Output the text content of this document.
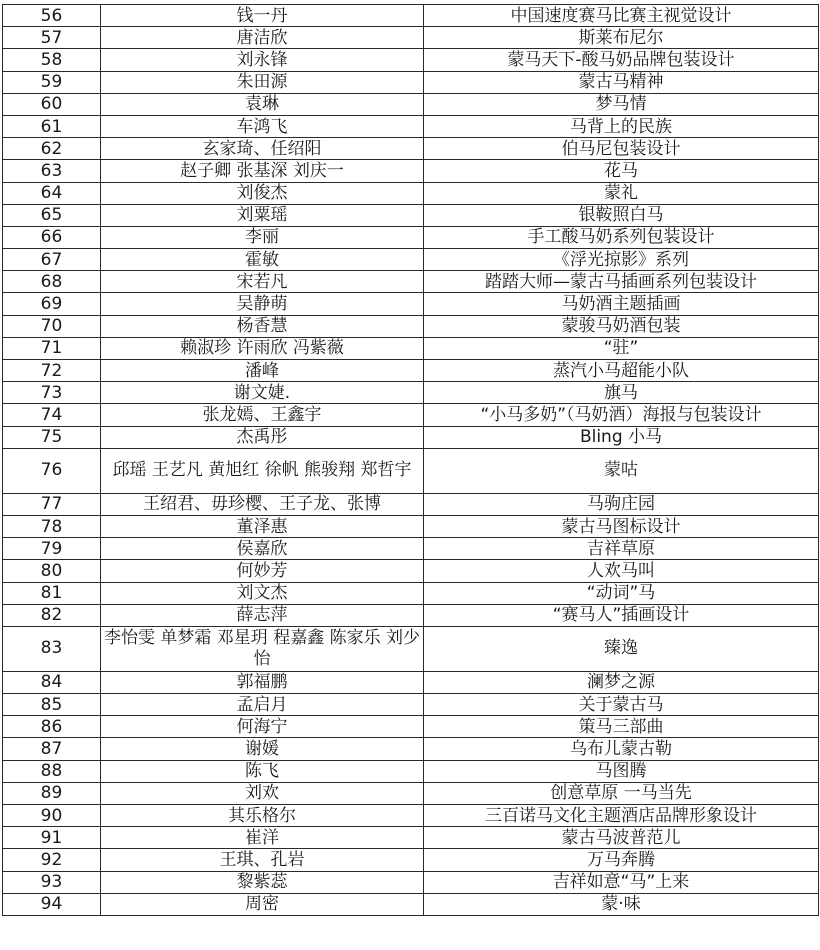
56	钱一丹	中国速度赛马比赛主视觉设计
57	唐洁欣	斯莱布尼尔
58	刘永锋	蒙马天下-酸马奶品牌包装设计
59	朱田源	蒙古马精神
60	袁琳	梦马情
61	车鸿飞	马背上的民族
62	玄家琦、任绍阳	伯马尼包装设计
63	赵子卿 张基深 刘庆一	花马
64	刘俊杰	蒙礼
65	刘粟瑶	银鞍照白马
66	李丽	手工酸马奶系列包装设计
67	霍敏	《浮光掠影》系列
68	宋若凡	踏踏大师—蒙古马插画系列包装设计
69	吴静萌	马奶酒主题插画
70	杨香慧	蒙骏马奶酒包装
71	赖淑珍 许雨欣 冯紫薇	“驻”
72	潘峰	蒸汽小马超能小队
73	谢文婕.	旗马
74	张龙嫣、王鑫宇	“小马多奶”（马奶酒）海报与包装设计
75	杰禹彤	Bling 小马
76	邱瑶 王艺凡 黄旭红 徐帆 熊骏翔 郑哲宇	蒙咕
77	王绍君、毋珍樱、王子龙、张博	马驹庄园
78	董泽惠	蒙古马图标设计
79	侯嘉欣	吉祥草原
80	何妙芳	人欢马叫
81	刘文杰	“动词”马
82	薛志萍	“赛马人”插画设计
83	李怡雯 单梦霜 邓星玥 程嘉鑫 陈家乐 刘少怡	臻逸
84	郭福鹏	澜梦之源
85	孟启月	关于蒙古马
86	何海宁	策马三部曲
87	谢媛	乌布儿蒙古勒
88	陈飞	马图腾
89	刘欢	创意草原 一马当先
90	其乐格尔	三百诺马文化主题酒店品牌形象设计
91	崔洋	蒙古马波普范儿
92	王琪、孔岩	万马奔腾
93	黎紫蕊	吉祥如意“马”上来
94	周密	蒙·味
